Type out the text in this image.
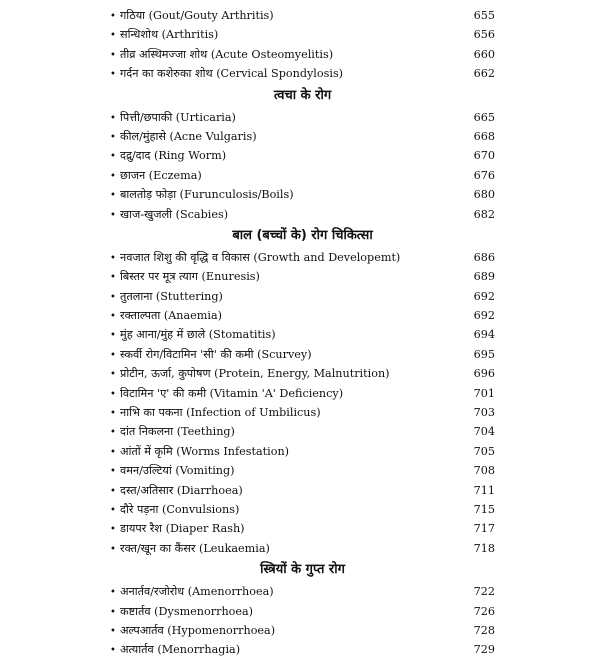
• गठिया (Gout/Gouty Arthritis)	655
• सन्धिशोथ (Arthritis)	656
• तीव्र अस्थिमज्जा शोथ (Acute Osteomyelitis)	660
• गर्दन का कशेरुका शोथ (Cervical Spondylosis)	662
त्वचा के रोग
• पित्ती/छपाकी (Urticaria)	665
• कील/मुंहासे (Acne Vulgaris)	668
• दद्रु/दाद (Ring Worm)	670
• छाजन (Eczema)	676
• बालतोड़ फोड़ा (Furunculosis/Boils)	680
• खाज-खुजली (Scabies)	682
बाल (बच्चों के) रोग चिकित्सा
• नवजात शिशु की वृद्धि व विकास (Growth and Developemt)	686
• बिस्तर पर मूत्र त्याग (Enuresis)	689
• तुतलाना (Stuttering)	692
• रक्ताल्पता (Anaemia)	692
• मुंह आना/मुंह में छाले (Stomatitis)	694
• स्कर्वी रोग/विटामिन 'सी' की कमी (Scurvey)	695
• प्रोटीन, ऊर्जा, कुपोषण (Protein, Energy, Malnutrition)	696
• विटामिन 'ए' की कमी (Vitamin 'A' Deficiency)	701
• नाभि का पकना (Infection of Umbilicus)	703
• दांत निकलना (Teething)	704
• आंतों में कृमि (Worms Infestation)	705
• वमन/उल्टियां (Vomiting)	708
• दस्त/अतिसार (Diarrhoea)	711
• दौरे पड़ना (Convulsions)	715
• डायपर रैश (Diaper Rash)	717
• रक्त/खून का कैंसर (Leukaemia)	718
स्त्रियों के गुप्त रोग
• अनार्तव/रजोरोध (Amenorrhoea)	722
• कष्टार्तव (Dysmenorrhoea)	726
• अल्पआर्तव (Hypomenorrhoea)	728
• अत्यार्तव (Menorrhagia)	729
